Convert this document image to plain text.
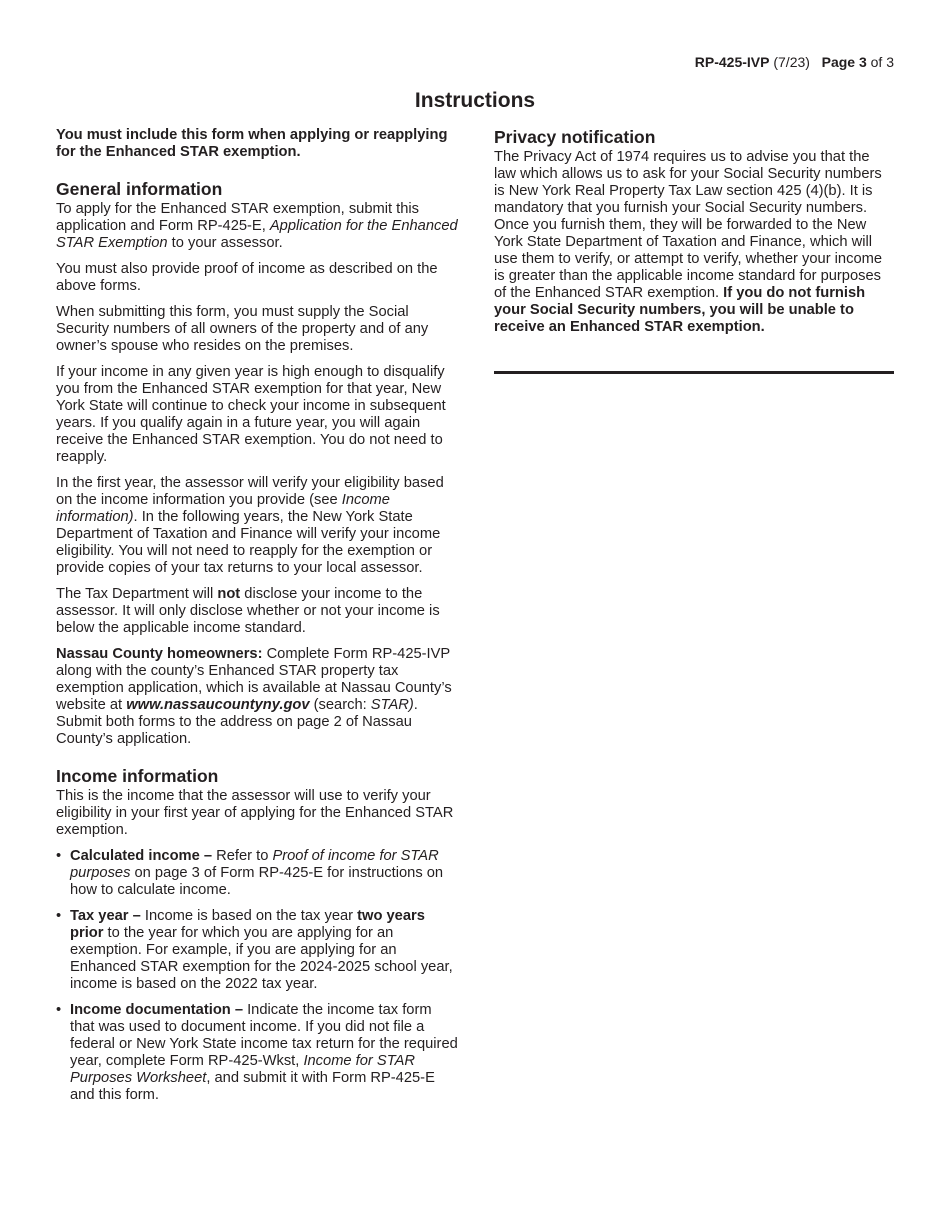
RP-425-IVP (7/23) Page 3 of 3
Instructions

You must include this form when applying or reapplying for the Enhanced STAR exemption.

General information

To apply for the Enhanced STAR exemption, submit this application and Form RP-425-E, Application for the Enhanced STAR Exemption to your assessor.

You must also provide proof of income as described on the above forms.

When submitting this form, you must supply the Social Security numbers of all owners of the property and of any owner’s spouse who resides on the premises.

If your income in any given year is high enough to disqualify you from the Enhanced STAR exemption for that year, New York State will continue to check your income in subsequent years. If you qualify again in a future year, you will again receive the Enhanced STAR exemption. You do not need to reapply.

In the first year, the assessor will verify your eligibility based on the income information you provide (see Income information). In the following years, the New York State Department of Taxation and Finance will verify your income eligibility. You will not need to reapply for the exemption or provide copies of your tax returns to your local assessor.

The Tax Department will not disclose your income to the assessor. It will only disclose whether or not your income is below the applicable income standard.

Nassau County homeowners: Complete Form RP-425-IVP along with the county’s Enhanced STAR property tax exemption application, which is available at Nassau County’s website at www.nassaucountyny.gov (search: STAR). Submit both forms to the address on page 2 of Nassau County’s application.

Income information

This is the income that the assessor will use to verify your eligibility in your first year of applying for the Enhanced STAR exemption.

• Calculated income – Refer to Proof of income for STAR purposes on page 3 of Form RP-425-E for instructions on how to calculate income.
• Tax year – Income is based on the tax year two years prior to the year for which you are applying for an exemption. For example, if you are applying for an Enhanced STAR exemption for the 2024-2025 school year, income is based on the 2022 tax year.
• Income documentation – Indicate the income tax form that was used to document income. If you did not file a federal or New York State income tax return for the required year, complete Form RP-425-Wkst, Income for STAR Purposes Worksheet, and submit it with Form RP-425-E and this form.
Privacy notification

The Privacy Act of 1974 requires us to advise you that the law which allows us to ask for your Social Security numbers is New York Real Property Tax Law section 425 (4)(b). It is mandatory that you furnish your Social Security numbers. Once you furnish them, they will be forwarded to the New York State Department of Taxation and Finance, which will use them to verify, or attempt to verify, whether your income is greater than the applicable income standard for purposes of the Enhanced STAR exemption. If you do not furnish your Social Security numbers, you will be unable to receive an Enhanced STAR exemption.
